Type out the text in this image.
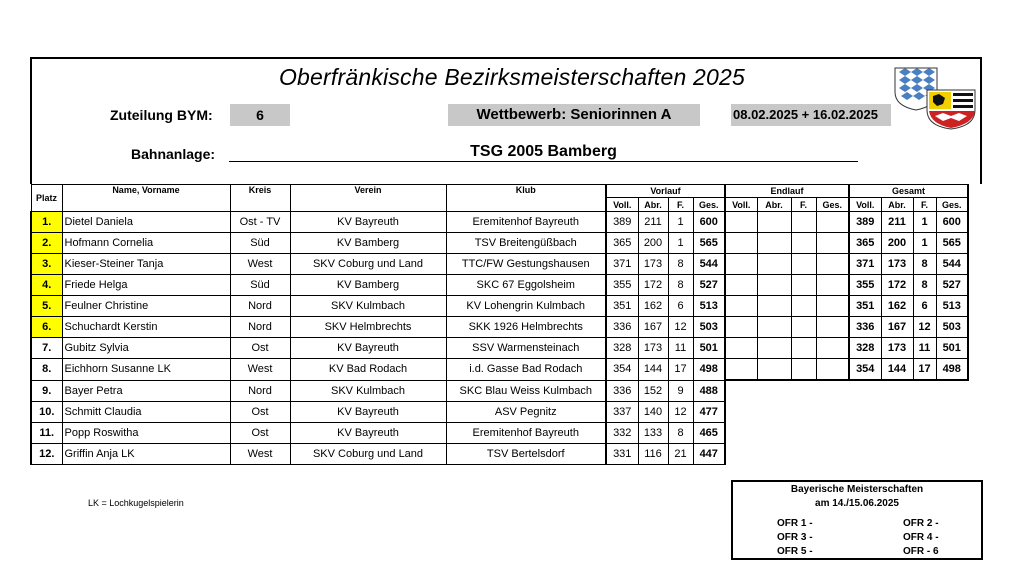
Oberfränkische Bezirksmeisterschaften 2025
Zuteilung BYM:	6	Wettbewerb: Seniorinnen A	08.02.2025 + 16.02.2025
Bahnanlage:	TSG 2005 Bamberg
Platz	Name, Vorname	Kreis	Verein	Klub	Vorlauf				Endlauf				Gesamt			
					Voll.	Abr.	F.	Ges.	Voll.	Abr.	F.	Ges.	Voll.	Abr.	F.	Ges.
1.	Dietel Daniela	Ost - TV	KV Bayreuth	Eremitenhof Bayreuth	389	211	1	600					389	211	1	600
2.	Hofmann Cornelia	Süd	KV Bamberg	TSV Breitengüßbach	365	200	1	565					365	200	1	565
3.	Kieser-Steiner Tanja	West	SKV Coburg und Land	TTC/FW Gestungshausen	371	173	8	544					371	173	8	544
4.	Friede Helga	Süd	KV Bamberg	SKC 67 Eggolsheim	355	172	8	527					355	172	8	527
5.	Feulner Christine	Nord	SKV Kulmbach	KV Lohengrin Kulmbach	351	162	6	513					351	162	6	513
6.	Schuchardt Kerstin	Nord	SKV Helmbrechts	SKK 1926 Helmbrechts	336	167	12	503					336	167	12	503
7.	Gubitz Sylvia	Ost	KV Bayreuth	SSV Warmensteinach	328	173	11	501					328	173	11	501
8.	Eichhorn Susanne LK	West	KV Bad Rodach	i.d. Gasse Bad Rodach	354	144	17	498					354	144	17	498
9.	Bayer Petra	Nord	SKV Kulmbach	SKC Blau Weiss Kulmbach	336	152	9	488								
10.	Schmitt Claudia	Ost	KV Bayreuth	ASV Pegnitz	337	140	12	477								
11.	Popp Roswitha	Ost	KV Bayreuth	Eremitenhof Bayreuth	332	133	8	465								
12.	Griffin Anja LK	West	SKV Coburg und Land	TSV Bertelsdorf	331	116	21	447								
LK = Lochkugelspielerin
Bayerische Meisterschaften
am 14./15.06.2025
OFR 1 -	OFR 2 -
OFR 3 -	OFR 4 -
OFR 5 -	OFR - 6
